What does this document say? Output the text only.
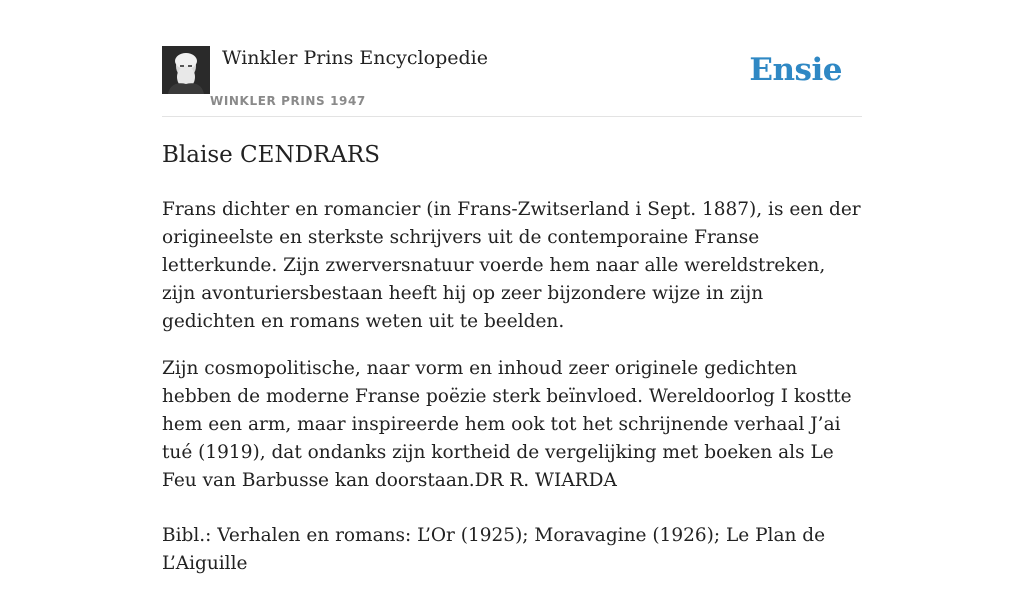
Winkler Prins Encyclopedie
WINKLER PRINS 1947
Ensie
Blaise CENDRARS

Frans dichter en romancier (in Frans-Zwitserland i Sept. 1887), is een der origineelste en sterkste schrijvers uit de contemporaine Franse letterkunde. Zijn zwerversnatuur voerde hem naar alle wereldstreken, zijn avonturiersbestaan heeft hij op zeer bijzondere wijze in zijn gedichten en romans weten uit te beelden.

Zijn cosmopolitische, naar vorm en inhoud zeer originele gedichten hebben de moderne Franse poëzie sterk beïnvloed. Wereldoorlog I kostte hem een arm, maar inspireerde hem ook tot het schrijnende verhaal J’ai tué (1919), dat ondanks zijn kortheid de vergelijking met boeken als Le Feu van Barbusse kan doorstaan.DR R. WIARDA

Bibl.: Verhalen en romans: L’Or (1925); Moravagine (1926); Le Plan de L’Aiguille
